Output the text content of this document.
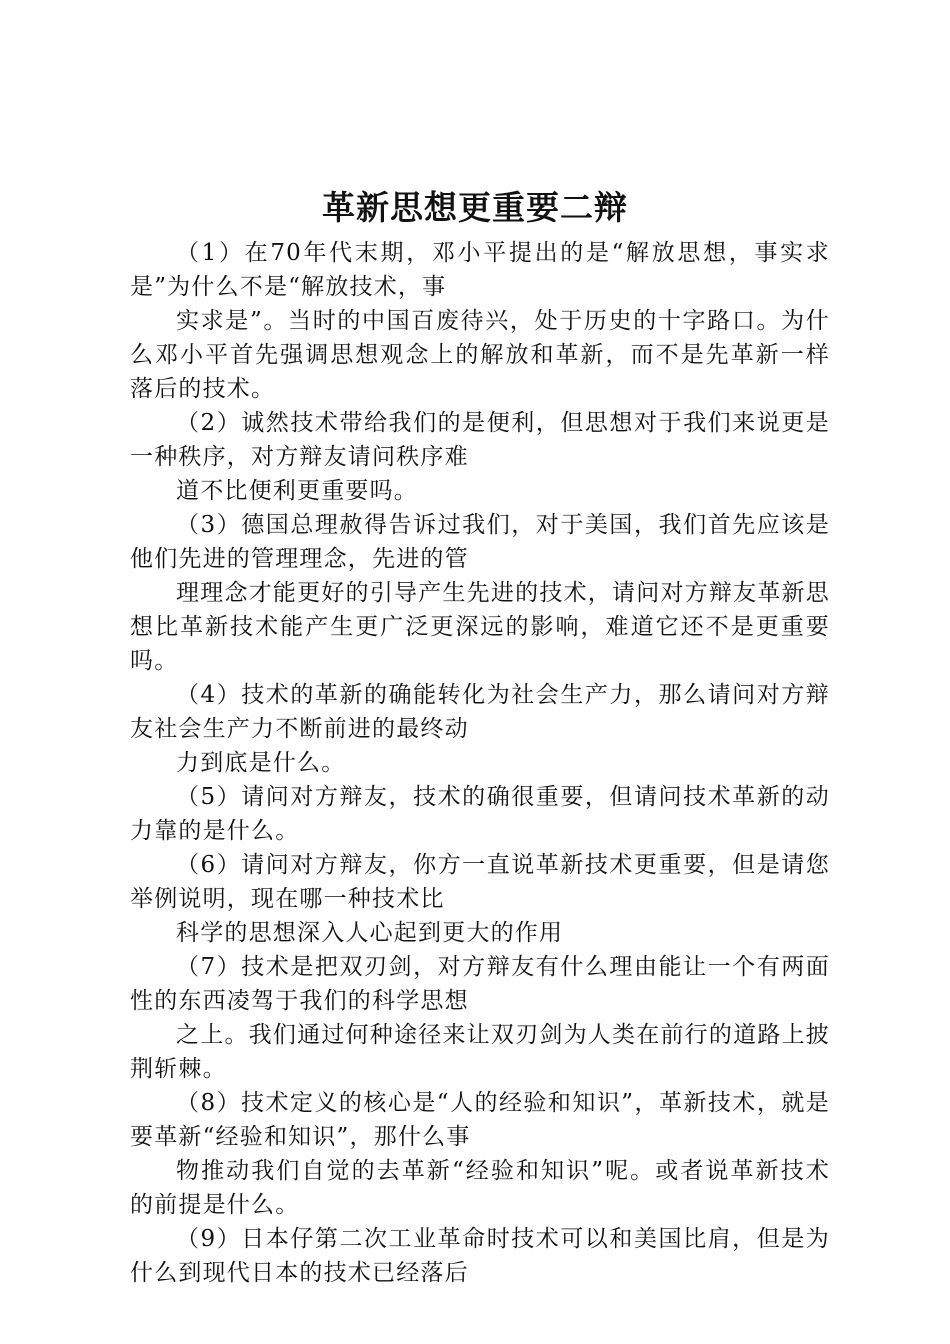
革新思想更重要二辩

（1）在70年代末期，邓小平提出的是“解放思想，事实求是”为什么不是“解放技术，事

实求是”。当时的中国百废待兴，处于历史的十字路口。为什么邓小平首先强调思想观念上的解放和革新，而不是先革新一样落后的技术。

（2）诚然技术带给我们的是便利，但思想对于我们来说更是一种秩序，对方辩友请问秩序难

道不比便利更重要吗。

（3）德国总理赦得告诉过我们，对于美国，我们首先应该是他们先进的管理理念，先进的管

理理念才能更好的引导产生先进的技术，请问对方辩友革新思想比革新技术能产生更广泛更深远的影响，难道它还不是更重要吗。

（4）技术的革新的确能转化为社会生产力，那么请问对方辩友社会生产力不断前进的最终动

力到底是什么。

（5）请问对方辩友，技术的确很重要，但请问技术革新的动力靠的是什么。

（6）请问对方辩友，你方一直说革新技术更重要，但是请您举例说明，现在哪一种技术比

科学的思想深入人心起到更大的作用

（7）技术是把双刃剑，对方辩友有什么理由能让一个有两面性的东西凌驾于我们的科学思想

之上。我们通过何种途径来让双刃剑为人类在前行的道路上披荆斩棘。

（8）技术定义的核心是“人的经验和知识”，革新技术，就是要革新“经验和知识”，那什么事

物推动我们自觉的去革新“经验和知识”呢。或者说革新技术的前提是什么。

（9）日本仔第二次工业革命时技术可以和美国比肩，但是为什么到现代日本的技术已经落后
